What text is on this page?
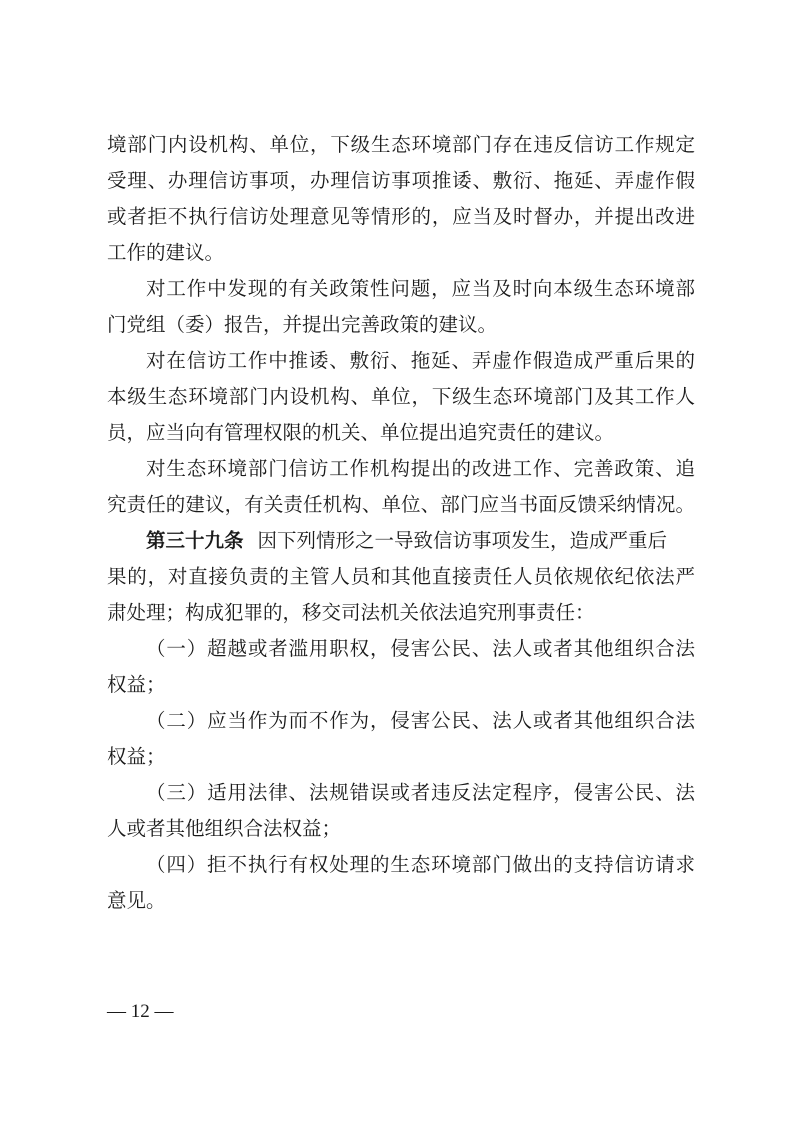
境部门内设机构、单位，下级生态环境部门存在违反信访工作规定
受理、办理信访事项，办理信访事项推诿、敷衍、拖延、弄虚作假
或者拒不执行信访处理意见等情形的，应当及时督办，并提出改进
工作的建议。
对工作中发现的有关政策性问题，应当及时向本级生态环境部
门党组（委）报告，并提出完善政策的建议。
对在信访工作中推诿、敷衍、拖延、弄虚作假造成严重后果的
本级生态环境部门内设机构、单位，下级生态环境部门及其工作人
员，应当向有管理权限的机关、单位提出追究责任的建议。
对生态环境部门信访工作机构提出的改进工作、完善政策、追
究责任的建议，有关责任机构、单位、部门应当书面反馈采纳情况。
第三十九条 因下列情形之一导致信访事项发生，造成严重后
果的，对直接负责的主管人员和其他直接责任人员依规依纪依法严
肃处理；构成犯罪的，移交司法机关依法追究刑事责任：
（一）超越或者滥用职权，侵害公民、法人或者其他组织合法
权益；
（二）应当作为而不作为，侵害公民、法人或者其他组织合法
权益；
（三）适用法律、法规错误或者违反法定程序，侵害公民、法
人或者其他组织合法权益；
（四）拒不执行有权处理的生态环境部门做出的支持信访请求
意见。
— 12 —
